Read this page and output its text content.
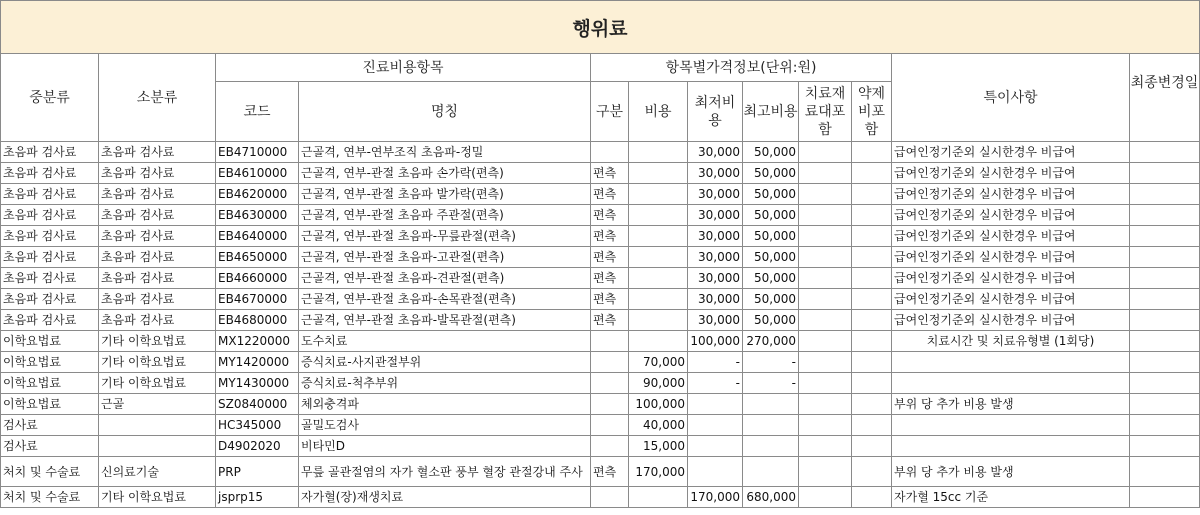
행위료
중분류	소분류	진료비용항목		항목별가격정보(단위:원)						특이사항	최종변경일
		코드	명칭	구분	비용	최저비용	최고비용	치료재료대포함	약제비포함		

초음파 검사료	초음파 검사료	EB4710000	근골격, 연부-연부조직 초음파-정밀			30,000	50,000			급여인정기준외 실시한경우 비급여	
초음파 검사료	초음파 검사료	EB4610000	근골격, 연부-관절 초음파 손가락(편측)	편측		30,000	50,000			급여인정기준외 실시한경우 비급여	
초음파 검사료	초음파 검사료	EB4620000	근골격, 연부-관절 초음파 발가락(편측)	편측		30,000	50,000			급여인정기준외 실시한경우 비급여	
초음파 검사료	초음파 검사료	EB4630000	근골격, 연부-관절 초음파 주관절(편측)	편측		30,000	50,000			급여인정기준외 실시한경우 비급여	
초음파 검사료	초음파 검사료	EB4640000	근골격, 연부-관절 초음파-무릎관절(편측)	편측		30,000	50,000			급여인정기준외 실시한경우 비급여	
초음파 검사료	초음파 검사료	EB4650000	근골격, 연부-관절 초음파-고관절(편측)	편측		30,000	50,000			급여인정기준외 실시한경우 비급여	
초음파 검사료	초음파 검사료	EB4660000	근골격, 연부-관절 초음파-견관절(편측)	편측		30,000	50,000			급여인정기준외 실시한경우 비급여	
초음파 검사료	초음파 검사료	EB4670000	근골격, 연부-관절 초음파-손목관절(편측)	편측		30,000	50,000			급여인정기준외 실시한경우 비급여	
초음파 검사료	초음파 검사료	EB4680000	근골격, 연부-관절 초음파-발목관절(편측)	편측		30,000	50,000			급여인정기준외 실시한경우 비급여	
이학요법료	기타 이학요법료	MX1220000	도수치료			100,000	270,000			치료시간 및 치료유형별 (1회당)	
이학요법료	기타 이학요법료	MY1420000	증식치료-사지관절부위		70,000	-	-				
이학요법료	기타 이학요법료	MY1430000	증식치료-척추부위		90,000	-	-				
이학요법료	근골	SZ0840000	체외충격파		100,000					부위 당 추가 비용 발생	
검사료		HC345000	골밀도검사		40,000						
검사료		D4902020	비타민D		15,000						
처치 및 수술료	신의료기술	PRP	무릎 골관절염의 자가 혈소판 풍부 혈장 관절강내 주사	편측	170,000					부위 당 추가 비용 발생	
처치 및 수술료	기타 이학요법료	jsprp15	자가혈(장)재생치료			170,000	680,000			자가혈 15cc 기준	
